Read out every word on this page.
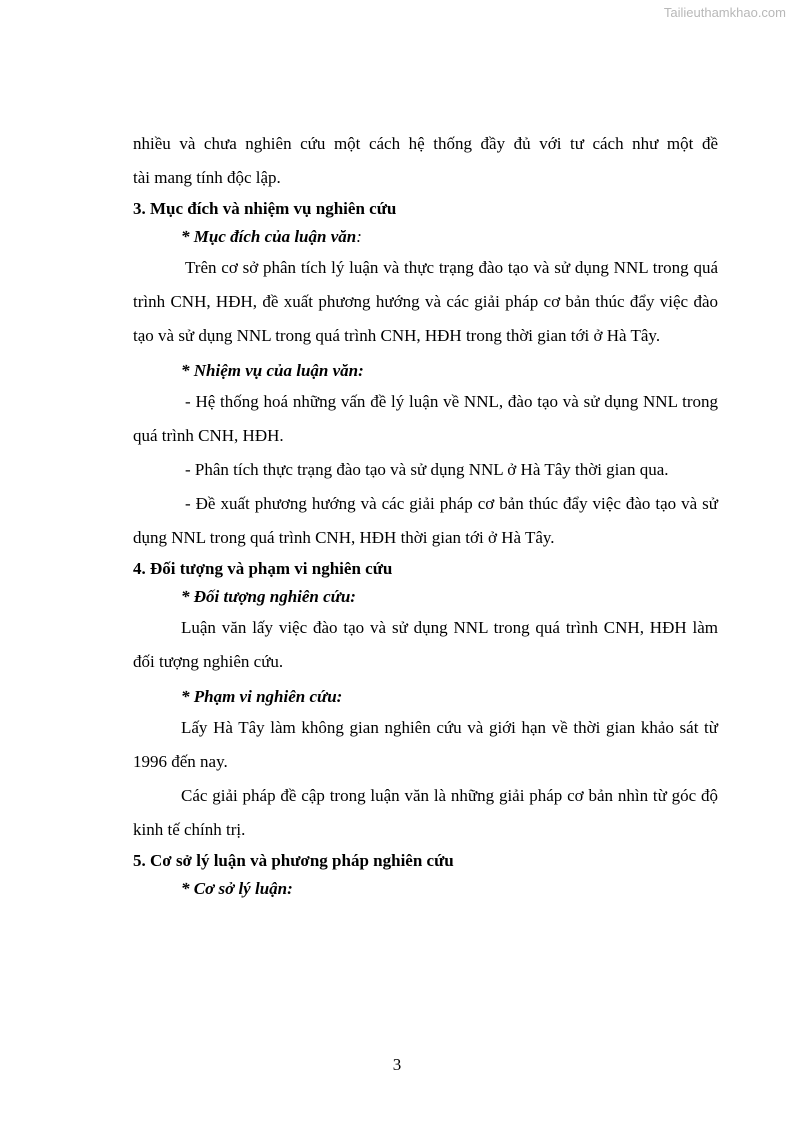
Tailieuthamkhao.com

nhiều và chưa nghiên cứu một cách hệ thống đầy đủ với tư cách như một đề
tài mang tính độc lập.

3. Mục đích và nhiệm vụ nghiên cứu

* Mục đích của luận văn:

Trên cơ sở phân tích lý luận và thực trạng đào tạo và sử dụng NNL trong quá trình CNH, HĐH, đề xuất phương hướng và các giải pháp cơ bản thúc đẩy việc đào tạo và sử dụng NNL trong quá trình CNH, HĐH trong thời gian tới ở Hà Tây.

* Nhiệm vụ của luận văn:

- Hệ thống hoá những vấn đề lý luận về NNL, đào tạo và sử dụng NNL trong quá trình CNH, HĐH.

- Phân tích thực trạng đào tạo và sử dụng NNL ở Hà Tây thời gian qua.

- Đề xuất phương hướng và các giải pháp cơ bản thúc đẩy việc đào tạo và sử dụng NNL trong quá trình CNH, HĐH thời gian tới ở Hà Tây.

4. Đối tượng và phạm vi nghiên cứu

* Đối tượng nghiên cứu:

Luận văn lấy việc đào tạo và sử dụng NNL trong quá trình CNH, HĐH làm đối tượng nghiên cứu.

* Phạm vi nghiên cứu:

Lấy Hà Tây làm không gian nghiên cứu và giới hạn về thời gian khảo sát từ 1996 đến nay.

Các giải pháp đề cập trong luận văn là những giải pháp cơ bản nhìn từ góc độ kinh tế chính trị.

5. Cơ sở lý luận và phương pháp nghiên cứu

* Cơ sở lý luận:

3
